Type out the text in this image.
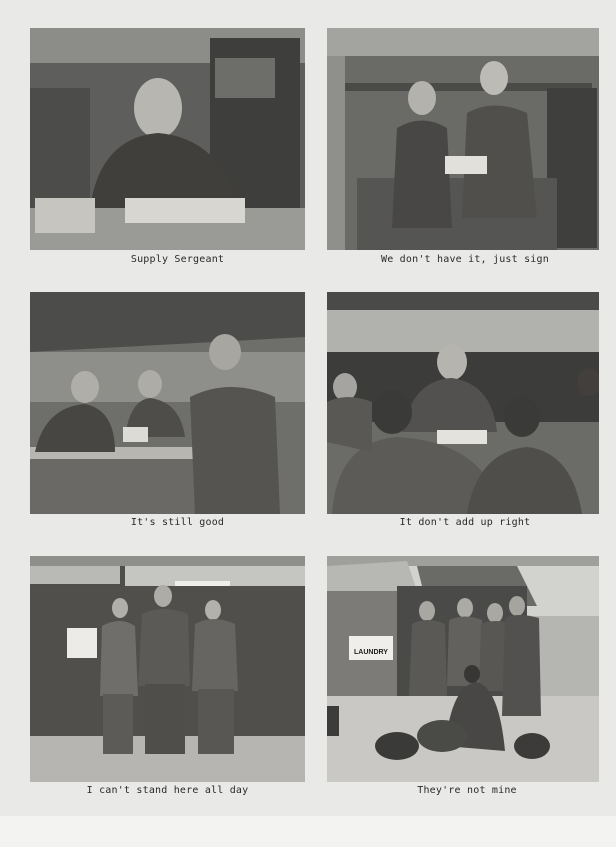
Supply Sergeant	We don't have it, just sign
It's still good	It don't add up right
I can't stand here all day
LAUNDRY
They're not mine
